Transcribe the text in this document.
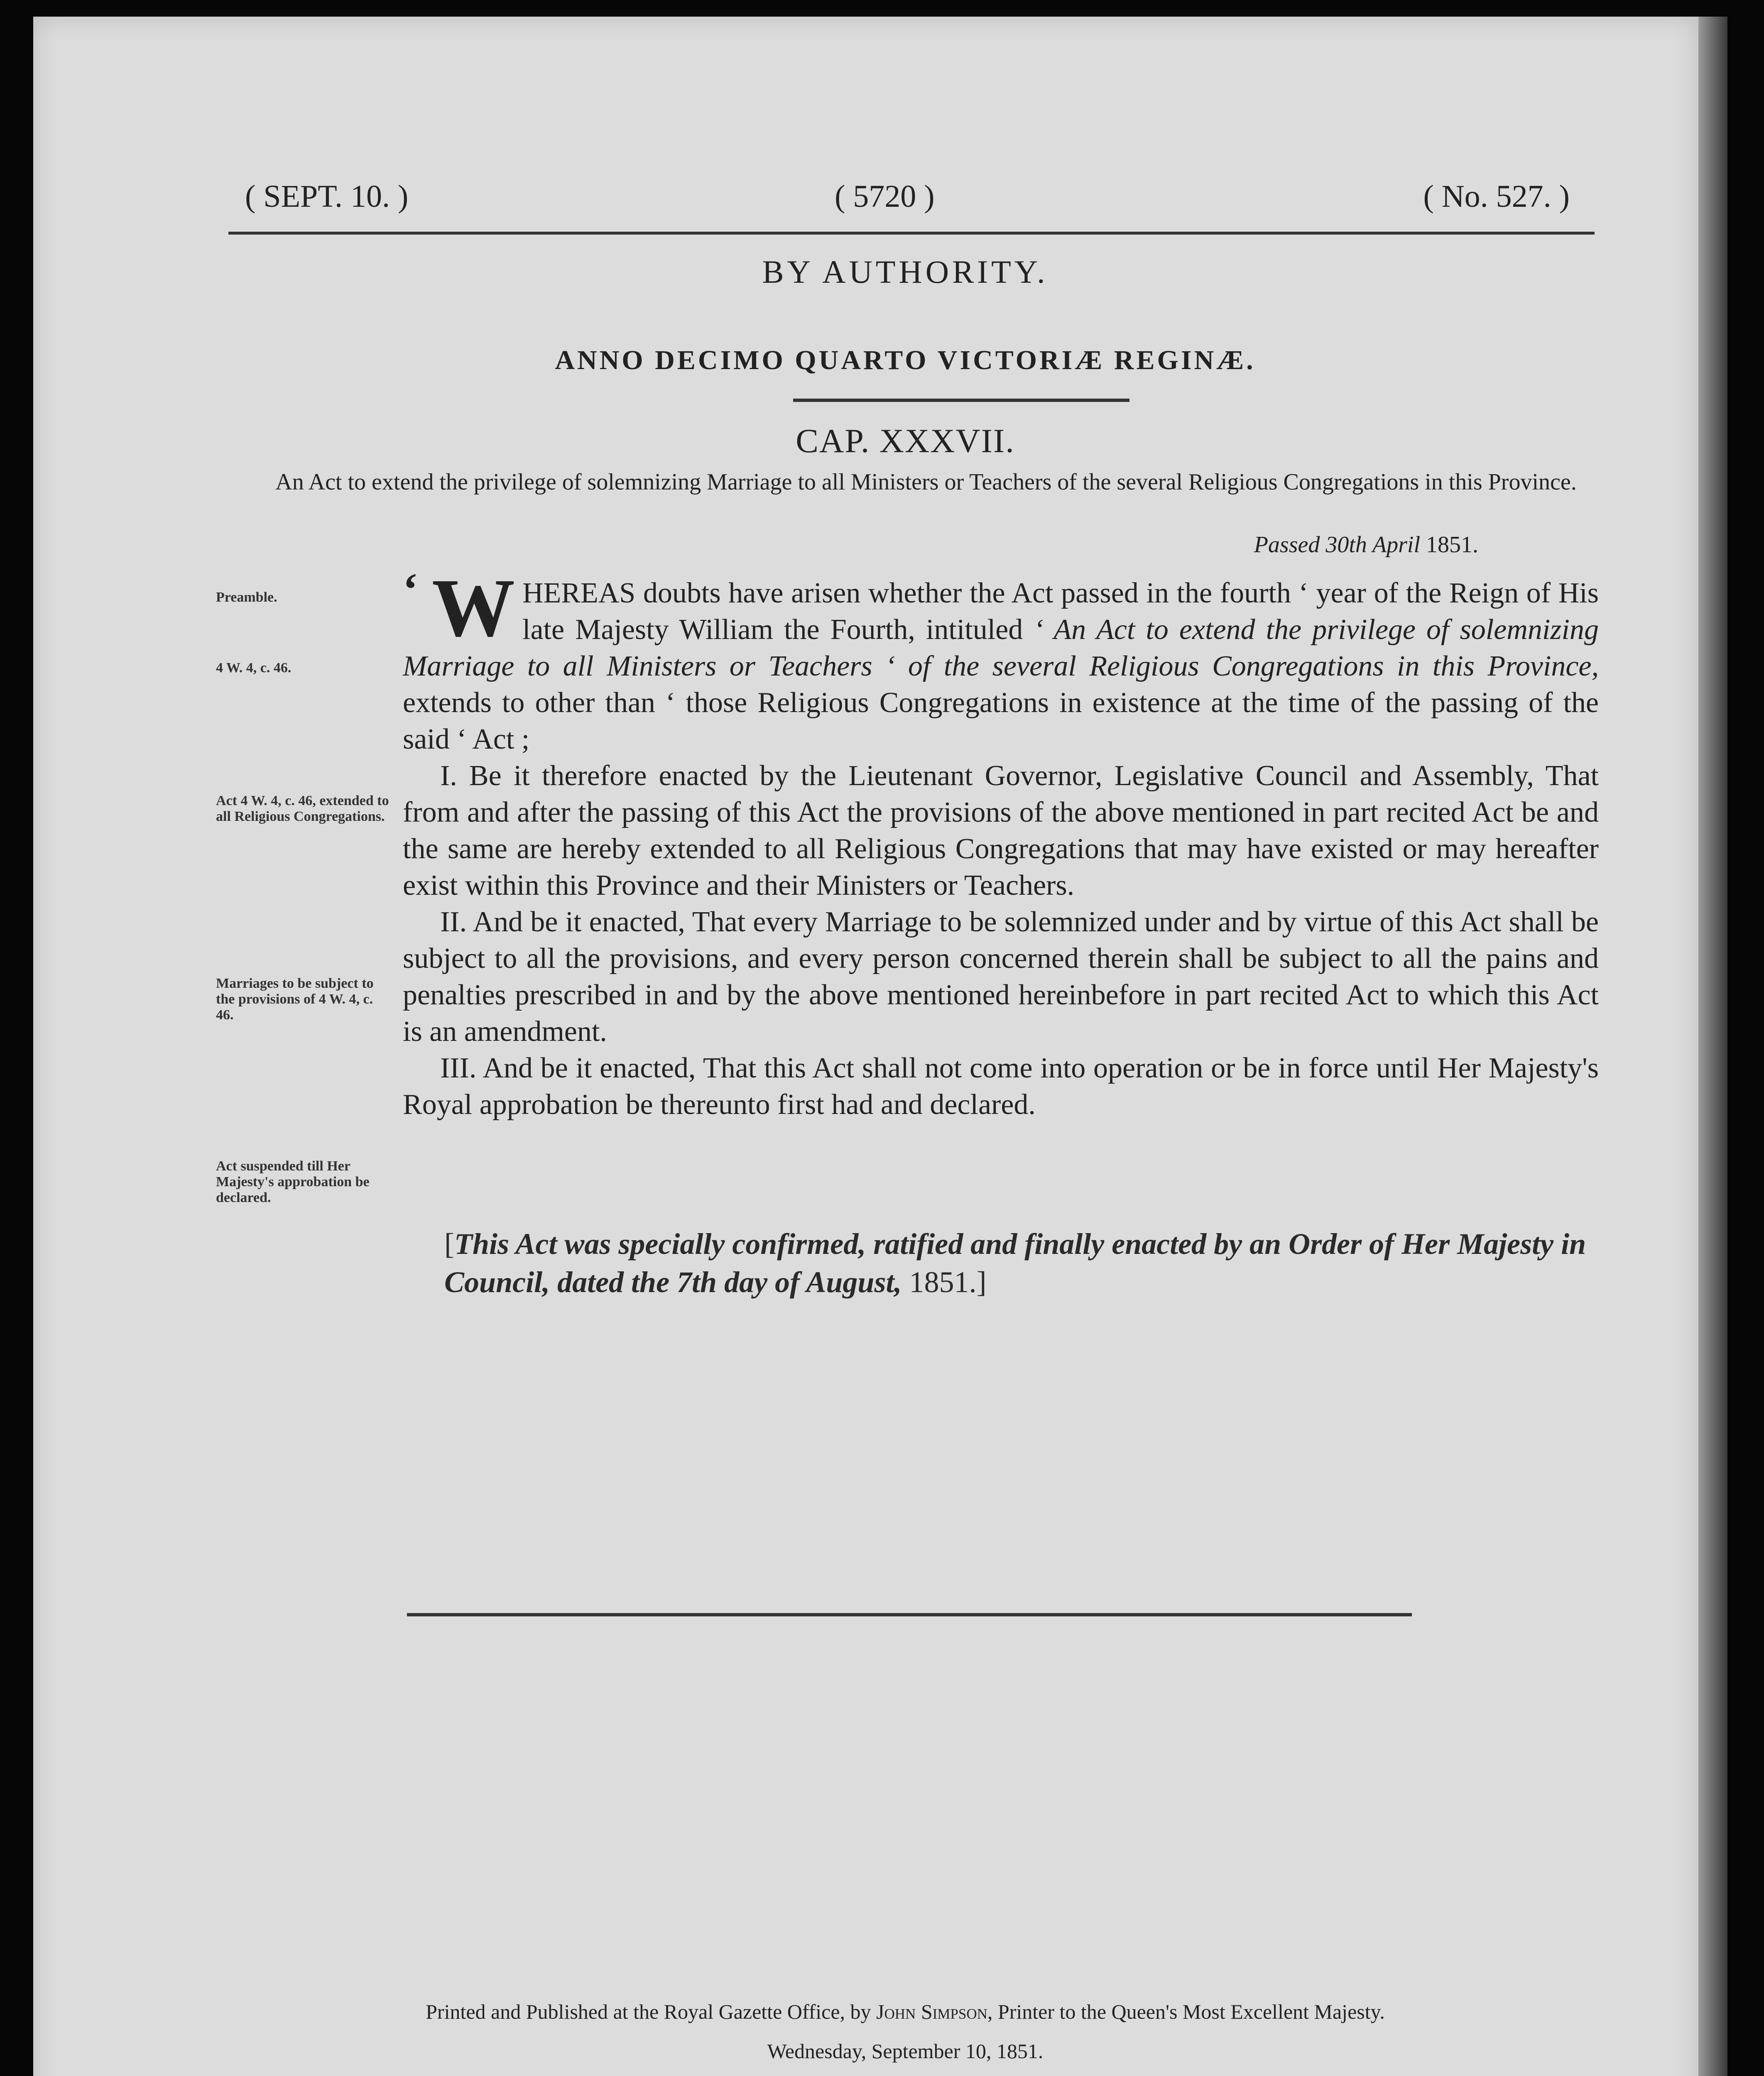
( SEPT. 10. )	( 5720 )	( No. 527. )
BY AUTHORITY.
ANNO DECIMO QUARTO VICTORIÆ REGINÆ.
CAP. XXXVII.
An Act to extend the privilege of solemnizing Marriage to all Ministers or Teachers of the several Religious Congregations in this Province.
Passed 30th April 1851.
Preamble.
4 W. 4, c. 46.
Act 4 W. 4, c. 46, extended to all Religious Congregations.
Marriages to be subject to the provisions of 4 W. 4, c. 46.
Act suspended till Her Majesty's approbation be declared.

‘ W HEREAS doubts have arisen whether the Act passed in the fourth ‘ year of the Reign of His late Majesty William the Fourth, intituled ‘ An Act to extend the privilege of solemnizing Marriage to all Ministers or Teachers ‘ of the several Religious Congregations in this Province, extends to other than ‘ those Religious Congregations in existence at the time of the passing of the said ‘ Act ;

I. Be it therefore enacted by the Lieutenant Governor, Legislative Council and Assembly, That from and after the passing of this Act the provisions of the above mentioned in part recited Act be and the same are hereby extended to all Religious Congregations that may have existed or may hereafter exist within this Province and their Ministers or Teachers.

II. And be it enacted, That every Marriage to be solemnized under and by virtue of this Act shall be subject to all the provisions, and every person concerned therein shall be subject to all the pains and penalties prescribed in and by the above mentioned hereinbefore in part recited Act to which this Act is an amendment.

III. And be it enacted, That this Act shall not come into operation or be in force until Her Majesty's Royal approbation be thereunto first had and declared.

[This Act was specially confirmed, ratified and finally enacted by an Order of Her Majesty in Council, dated the 7th day of August, 1851.]
Printed and Published at the Royal Gazette Office, by John Simpson, Printer to the Queen's Most Excellent Majesty.
Wednesday, September 10, 1851.
